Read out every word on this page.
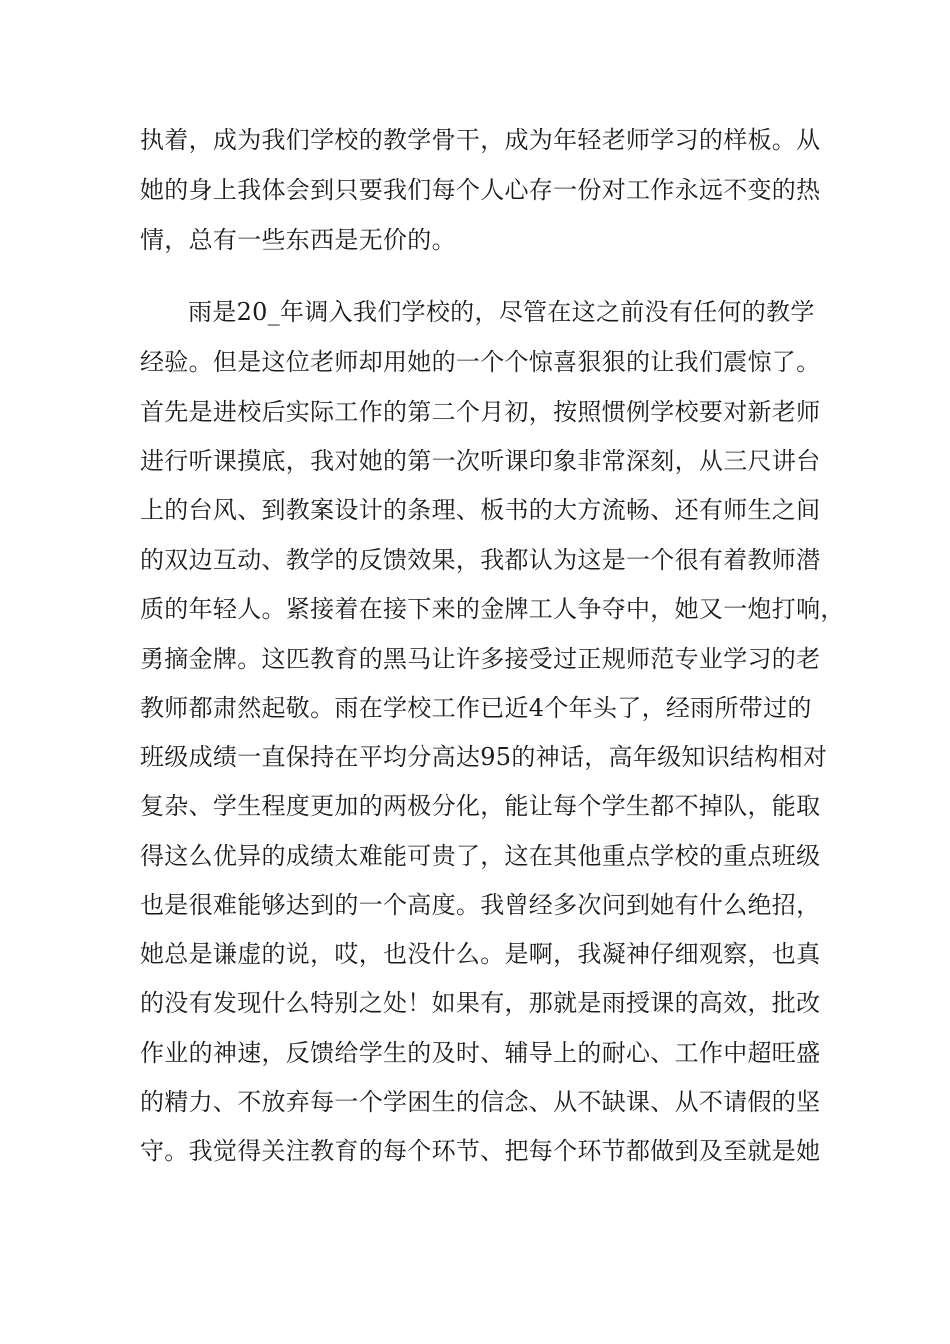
执着，成为我们学校的教学骨干，成为年轻老师学习的样板。从
她的身上我体会到只要我们每个人心存一份对工作永远不变的热
情，总有一些东西是无价的。
雨是20_年调入我们学校的，尽管在这之前没有任何的教学
经验。但是这位老师却用她的一个个惊喜狠狠的让我们震惊了。
首先是进校后实际工作的第二个月初，按照惯例学校要对新老师
进行听课摸底，我对她的第一次听课印象非常深刻，从三尺讲台
上的台风、到教案设计的条理、板书的大方流畅、还有师生之间
的双边互动、教学的反馈效果，我都认为这是一个很有着教师潜
质的年轻人。紧接着在接下来的金牌工人争夺中，她又一炮打响，
勇摘金牌。这匹教育的黑马让许多接受过正规师范专业学习的老
教师都肃然起敬。雨在学校工作已近4个年头了，经雨所带过的
班级成绩一直保持在平均分高达95的神话，高年级知识结构相对
复杂、学生程度更加的两极分化，能让每个学生都不掉队，能取
得这么优异的成绩太难能可贵了，这在其他重点学校的重点班级
也是很难能够达到的一个高度。我曾经多次问到她有什么绝招，
她总是谦虚的说，哎，也没什么。是啊，我凝神仔细观察，也真
的没有发现什么特别之处！如果有，那就是雨授课的高效，批改
作业的神速，反馈给学生的及时、辅导上的耐心、工作中超旺盛
的精力、不放弃每一个学困生的信念、从不缺课、从不请假的坚
守。我觉得关注教育的每个环节、把每个环节都做到及至就是她
